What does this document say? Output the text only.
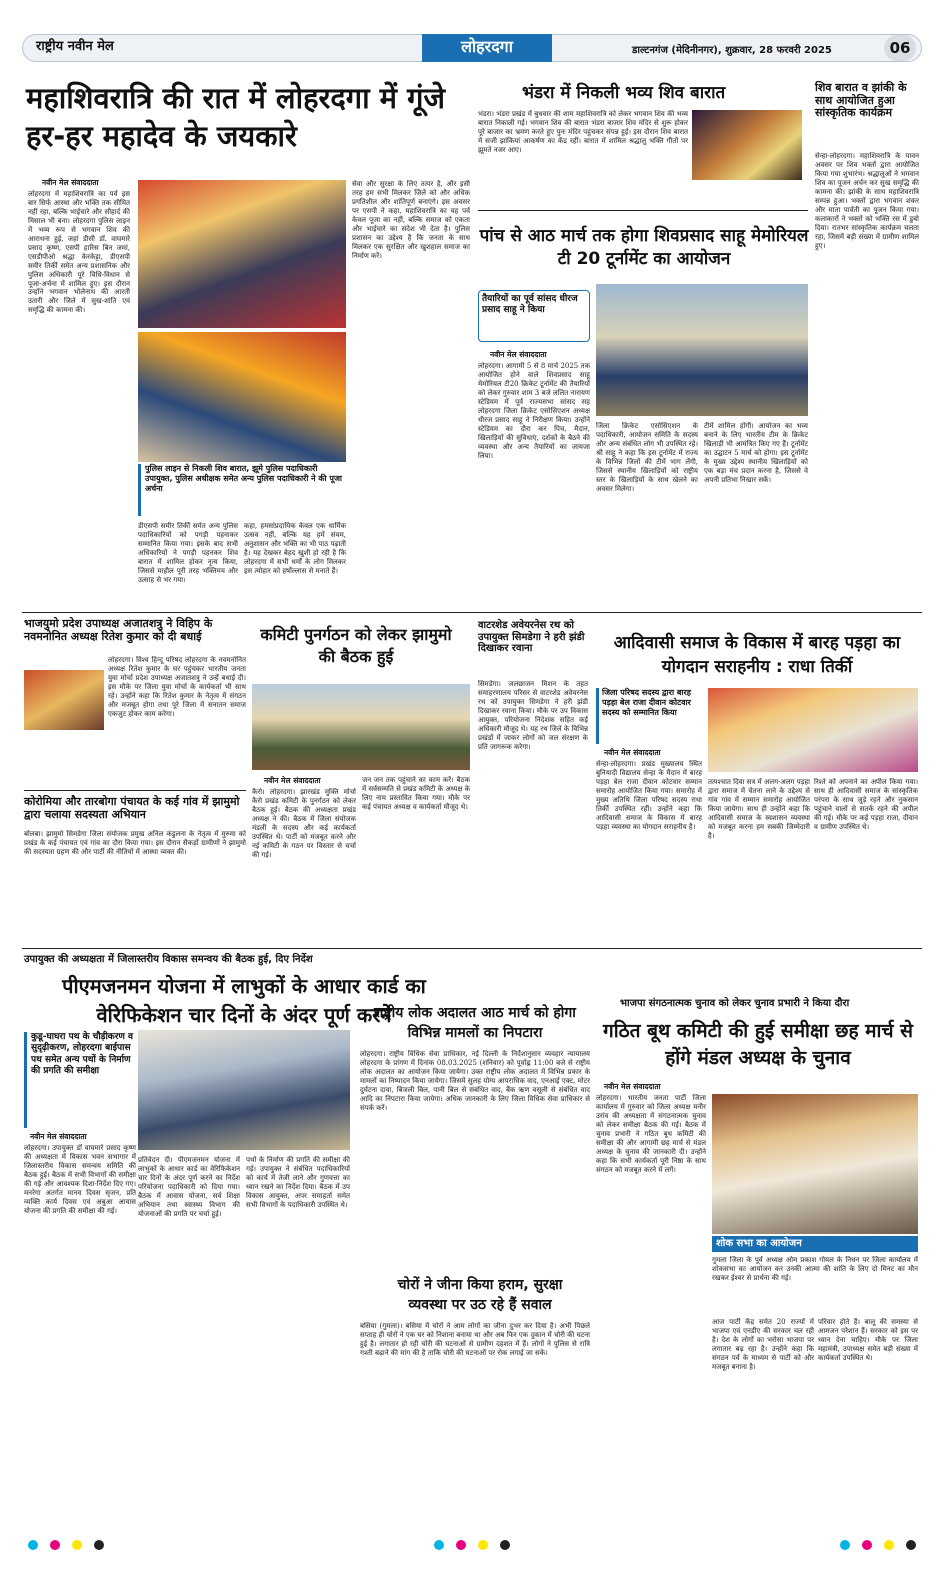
राष्ट्रीय नवीन मेल	लोहरदगा	डाल्टनगंज (मेदिनीनगर), शुक्रवार, 28 फरवरी 2025	06
महाशिवरात्रि की रात में लोहरदगा में गूंजे हर-हर महादेव के जयकारे
नवीन मेल संवाददाता
लोहरदगा में महाशिवरात्रि का पर्व इस बार सिर्फ आस्था और भक्ति तक सीमित नहीं रहा, बल्कि भाईचारे और सौहार्द की मिसाल भी बना। लोहरदगा पुलिस लाइन में भव्य रूप से भगवान शिव की आराधना हुई, जहां डीसी डॉ. वाघमारे प्रसाद कृष्ण, एसपी हारिस बिन जमां, एसडीपीओ श्रद्धा केरकेट्टा, डीएसपी समीर तिर्की समेत अन्य प्रशासनिक और पुलिस अधिकारी पूरे विधि-विधान से पूजा-अर्चना में शामिल हुए। इस दौरान उन्होंने भगवान भोलेनाथ की आरती उतारी और जिले में सुख-शांति एवं समृद्धि की कामना की।
पुलिस लाइन से निकली शिव बारात, झूमे पुलिस पदाधिकारी उपायुक्त, पुलिस अधीक्षक समेत अन्य पुलिस पदाधिकारी ने की पूजा अर्चना
डीएसपी समीर तिर्की समेत अन्य पुलिस पदाधिकारियों को पगड़ी पहनाकर सम्मानित किया गया। इसके बाद सभी अधिकारियों ने पगड़ी पहनकर शिव बारात में शामिल होकर नृत्य किया, जिससे माहौल पूरी तरह भक्तिमय और उत्साह से भर गया।
कहा, हमसांप्रदायिक केवल एक धार्मिक उत्सव नहीं, बल्कि यह हमें संयम, अनुशासन और भक्ति का भी पाठ पढ़ाती है। यह देखकर बेहद खुशी हो रही है कि लोहरदगा में सभी धर्मों के लोग मिलकर इस त्योहार को हर्षोल्लास से मनाते हैं।
सेवा और सुरक्षा के लिए तत्पर है, और इसी तरह हम सभी मिलकर जिले को और अधिक प्रगतिशील और शांतिपूर्ण बनाएंगे। इस अवसर पर एसपी ने कहा, महाशिवरात्रि का यह पर्व केवल पूजा का नहीं, बल्कि समाज को एकता और भाईचारे का संदेश भी देता है। पुलिस प्रशासन का उद्देश्य है कि जनता के साथ मिलकर एक सुरक्षित और खुशहाल समाज का निर्माण करें।
भंडरा में निकली भव्य शिव बारात
भंडरा। भंडरा प्रखंड में बुधवार की शाम महाशिवरात्रि को लेकर भगवान शिव की भव्य बारात निकाली गई। भगवान शिव की बारात भंडरा बाजार शिव मंदिर से शुरू होकर पूरे बाजार का भ्रमण करते हुए पुनः मंदिर पहुंचकर संपन्न हुई। इस दौरान शिव बारात में सजी झांकियां आकर्षण का केंद्र रहीं। बारात में शामिल श्रद्धालु भक्ति गीतों पर झूमते नजर आए।
शिव बारात व झांकी के साथ आयोजित हुआ सांस्कृतिक कार्यक्रम
सेन्हा-लोहरदगा। महाशिवरात्रि के पावन अवसर पर शिव भक्तों द्वारा आयोजित किया गया शुभारंभ। श्रद्धालुओं ने भगवान शिव का पूजन अर्चन कर सुख समृद्धि की कामना की। झांकी के साथ महाशिवरात्रि सम्पन्न हुआ। भक्तों द्वारा भगवान शंकर और माता पार्वती का पूजन किया गया। कलाकारों ने भक्तों को भक्ति रस में डुबो दिया। रातभर सांस्कृतिक कार्यक्रम चलता रहा, जिसमें बड़ी संख्या में ग्रामीण शामिल हुए।
पांच से आठ मार्च तक होगा शिवप्रसाद साहू मेमोरियल टी 20 टूर्नामेंट का आयोजन
तैयारियों का पूर्व सांसद धीरज प्रसाद साहू ने किया
नवीन मेल संवाददाता
लोहरदगा। आगामी 5 से 8 मार्च 2025 तक आयोजित होने वाले शिवप्रसाद साहू मेमोरियल टी20 क्रिकेट टूर्नामेंट की तैयारियों को लेकर गुरुवार शाम 3 बजे ललित नारायण स्टेडियम में पूर्व राज्यसभा सांसद सह लोहरदगा जिला क्रिकेट एसोसिएशन अध्यक्ष धीरज प्रसाद साहू ने निरीक्षण किया। उन्होंने स्टेडियम का दौरा कर पिच, मैदान, खिलाड़ियों की सुविधाएं, दर्शकों के बैठने की व्यवस्था और अन्य तैयारियों का जायजा लिया।
जिला क्रिकेट एसोसिएशन के पदाधिकारी, आयोजन समिति के सदस्य और अन्य संबंधित लोग भी उपस्थित रहे। श्री साहू ने कहा कि इस टूर्नामेंट में राज्य के विभिन्न जिलों की टीमें भाग लेंगी, जिससे स्थानीय खिलाड़ियों को राष्ट्रीय स्तर के खिलाड़ियों के साथ खेलने का अवसर मिलेगा।
टीमें शामिल होंगी। आयोजन का भव्य बनाने के लिए भारतीय टीम के क्रिकेट खिलाड़ी भी आमंत्रित किए गए हैं। टूर्नामेंट का उद्घाटन 5 मार्च को होगा। इस टूर्नामेंट के मुख्य उद्देश्य स्थानीय खिलाड़ियों को एक बड़ा मंच प्रदान करना है, जिससे वे अपनी प्रतिभा निखार सकें।
भाजयुमो प्रदेश उपाध्यक्ष अजातशत्रु ने विहिप के नवमनोनित अध्यक्ष रितेश कुमार को दी बधाई
लोहरदगा। विश्व हिन्दू परिषद लोहरदगा के नवमनोनित अध्यक्ष रितेश कुमार के घर पहुंचकर भारतीय जनता युवा मोर्चा प्रदेश उपाध्यक्ष अजातशत्रु ने उन्हें बधाई दी। इस मौके पर जिला युवा मोर्चा के कार्यकर्ता भी साथ रहे। उन्होंने कहा कि रितेश कुमार के नेतृत्व में संगठन और मजबूत होगा तथा पूरे जिला में सनातन समाज एकजुट होकर काम करेगा।
कोरोमिया और तारबोगा पंचायत के कई गांव में झामुमो द्वारा चलाया सदस्यता अभियान
बोलबा। झामुमो सिमडेगा जिला संयोजक प्रमुख अनिल कंडुलना के नेतृत्व में मुरुमा को प्रखंड के कई पंचायत एवं गांव का दौरा किया गया। इस दौरान सैकड़ों ग्रामीणों ने झामुमो की सदस्यता ग्रहण की और पार्टी की नीतियों में आस्था व्यक्त की।
कमिटी पुनर्गठन को लेकर झामुमो की बैठक हुई
नवीन मेल संवाददाता
कैरो। लोहरदगा। झारखंड मुक्ति मोर्चा कैरो प्रखंड कमिटी के पुनर्गठन को लेकर बैठक हुई। बैठक की अध्यक्षता प्रखंड अध्यक्ष ने की। बैठक में जिला संयोजक मंडली के सदस्य और कई कार्यकर्ता उपस्थित थे। पार्टी को मजबूत करने और नई कमिटी के गठन पर विस्तार से चर्चा की गई।
जन जन तक पहुंचाने का काम करें। बैठक में सर्वसम्मति से प्रखंड कमिटी के अध्यक्ष के लिए नाम प्रस्तावित किया गया। मौके पर कई पंचायत अध्यक्ष व कार्यकर्ता मौजूद थे।
वाटरशेड अवेयरनेस रथ को उपायुक्त सिमडेगा ने हरी झंडी दिखाकर रवाना
सिमडेगा। जलछाजन मिशन के तहत समाहरणालय परिसर से वाटरशेड अवेयरनेस रथ को उपायुक्त सिमडेगा ने हरी झंडी दिखाकर रवाना किया। मौके पर उप विकास आयुक्त, परियोजना निदेशक सहित कई अधिकारी मौजूद थे। यह रथ जिले के विभिन्न प्रखंडों में जाकर लोगों को जल संरक्षण के प्रति जागरूक करेगा।
आदिवासी समाज के विकास में बारह पड़हा का योगदान सराहनीय : राधा तिर्की
जिला परिषद सदस्य द्वारा बारह पड़हा बेल राजा दीवान कोटवार सदस्य को सम्मानित किया
नवीन मेल संवाददाता
सेन्हा-लोहरदगा। प्रखंड मुख्यालय स्थित बुनियादी विद्यालय सेन्हा के मैदान में बारह पड़हा बेल राजा दीवान कोटवार सम्मान समारोह आयोजित किया गया। समारोह में मुख्य अतिथि जिला परिषद सदस्य राधा तिर्की उपस्थित रहीं। उन्होंने कहा कि आदिवासी समाज के विकास में बारह पड़हा व्यवस्था का योगदान सराहनीय है।
तत्पश्चात दिवा सत्र में अलग-अलग पड़हा द्वारा समाज में चेतना लाने के उद्देश्य से गांव गांव में सम्मान समारोह आयोजित किया जायेगा। साथ ही उन्होंने कहा कि आदिवासी समाज के स्वशासन व्यवस्था को मजबूत करना हम सबकी जिम्मेदारी है।
रिश्ते को अपनाने का अपील किया गया। साथ ही आदिवासी समाज के सांस्कृतिक परंपरा के साथ जुड़े रहने और नुकसान पहुंचाने वालों से सतर्क रहने की अपील की गई। मौके पर कई पड़हा राजा, दीवान व ग्रामीण उपस्थित थे।
उपायुक्त की अध्यक्षता में जिलास्तरीय विकास समन्वय की बैठक हुई, दिए निर्देश
पीएमजनमन योजना में लाभुकों के आधार कार्ड का वेरिफिकेशन चार दिनों के अंदर पूर्ण करने
कुडू-घाघरा पथ के चौड़ीकरण व सुदृढ़ीकरण, लोहरदगा बाईपास पथ समेत अन्य पथों के निर्माण की प्रगति की समीक्षा
नवीन मेल संवाददाता
लोहरदगा। उपायुक्त डॉ वाघमारे प्रसाद कृष्ण की अध्यक्षता में विकास भवन सभागार में जिलास्तरीय विकास समन्वय समिति की बैठक हुई। बैठक में सभी विभागों की समीक्षा की गई और आवश्यक दिशा-निर्देश दिए गए। मनरेगा अंतर्गत मानव दिवस सृजन, प्रति व्यक्ति कार्य दिवस एवं अबुआ आवास योजना की प्रगति की समीक्षा की गई।
प्रतिवेदन दी। पीएमजनमन योजना में लाभुकों के आधार कार्ड का वेरिफिकेशन चार दिनों के अंदर पूर्ण करने का निर्देश परियोजना पदाधिकारी को दिया गया। बैठक में आवास योजना, सर्व शिक्षा अभियान तथा स्वास्थ्य विभाग की योजनाओं की प्रगति पर चर्चा हुई।
पथों के निर्माण की प्रगति की समीक्षा की गई। उपायुक्त ने संबंधित पदाधिकारियों को कार्य में तेजी लाने और गुणवत्ता का ध्यान रखने का निर्देश दिया। बैठक में उप विकास आयुक्त, अपर समाहर्ता समेत सभी विभागों के पदाधिकारी उपस्थित थे।
राष्ट्रीय लोक अदालत आठ मार्च को होगा विभिन्न मामलों का निपटारा
लोहरदगा। राष्ट्रीय विधिक सेवा प्राधिकार, नई दिल्ली के निर्देशानुसार व्यवहार न्यायालय लोहरदगा के प्रांगण में दिनांक 08.03.2025 (शनिवार) को पूर्वाह्न 11:00 बजे से राष्ट्रीय लोक अदालत का आयोजन किया जायेगा। उक्त राष्ट्रीय लोक अदालत में विभिन्न प्रकार के मामलों का निष्पादन किया जायेगा। जिसमें सुलह योग्य आपराधिक वाद, एनआई एक्ट, मोटर दुर्घटना दावा, बिजली बिल, पानी बिल से संबंधित वाद, बैंक ऋण वसूली से संबंधित वाद आदि का निपटारा किया जायेगा। अधिक जानकारी के लिए जिला विधिक सेवा प्राधिकार से संपर्क करें।
चोरों ने जीना किया हराम, सुरक्षा व्यवस्था पर उठ रहे हैं सवाल
बसिया (गुमला)। बसिया में चोरों ने आम लोगों का जीना दुभर कर दिया है। अभी पिछले सप्ताह ही चोरों ने एक घर को निशाना बनाया था और अब फिर एक दुकान में चोरी की घटना हुई है। लगातार हो रही चोरी की घटनाओं से ग्रामीण दहशत में हैं। लोगों ने पुलिस से रात्रि गश्ती बढ़ाने की मांग की है ताकि चोरी की घटनाओं पर रोक लगाई जा सके।
भाजपा संगठनात्मक चुनाव को लेकर चुनाव प्रभारी ने किया दौरा
गठित बूथ कमिटी की हुई समीक्षा छह मार्च से होंगे मंडल अध्यक्ष के चुनाव
नवीन मेल संवाददाता
लोहरदगा। भारतीय जनता पार्टी जिला कार्यालय में गुरुवार को जिला अध्यक्ष मनीर उरांव की अध्यक्षता में संगठनात्मक चुनाव को लेकर समीक्षा बैठक की गई। बैठक में चुनाव प्रभारी ने गठित बूथ कमिटी की समीक्षा की और आगामी छह मार्च से मंडल अध्यक्ष के चुनाव की जानकारी दी। उन्होंने कहा कि सभी कार्यकर्ता पूरी निष्ठा के साथ संगठन को मजबूत करने में लगें।
शोक सभा का आयोजन
गुमला जिला के पूर्व अध्यक्ष ओम प्रकाश गोयल के निधन पर जिला कार्यालय में शोकसभा का आयोजन कर उनकी आत्मा की शांति के लिए दो मिनट का मौन रखकर ईश्वर से प्रार्थना की गई।
आज पार्टी केंद्र समेत 20 राज्यों में भाजपा एवं एनडीए की सरकार चल रही है। देश के लोगों का भरोसा भाजपा पर लगातार बढ़ रहा है। उन्होंने कहा कि संगठन पर्व के माध्यम से पार्टी को और मजबूत बनाना है।
परिवार होते हैं। बालू की समस्या से आमजन परेशान हैं। सरकार को इस पर ध्यान देना चाहिए। मौके पर जिला महामंत्री, उपाध्यक्ष समेत बड़ी संख्या में कार्यकर्ता उपस्थित थे।
